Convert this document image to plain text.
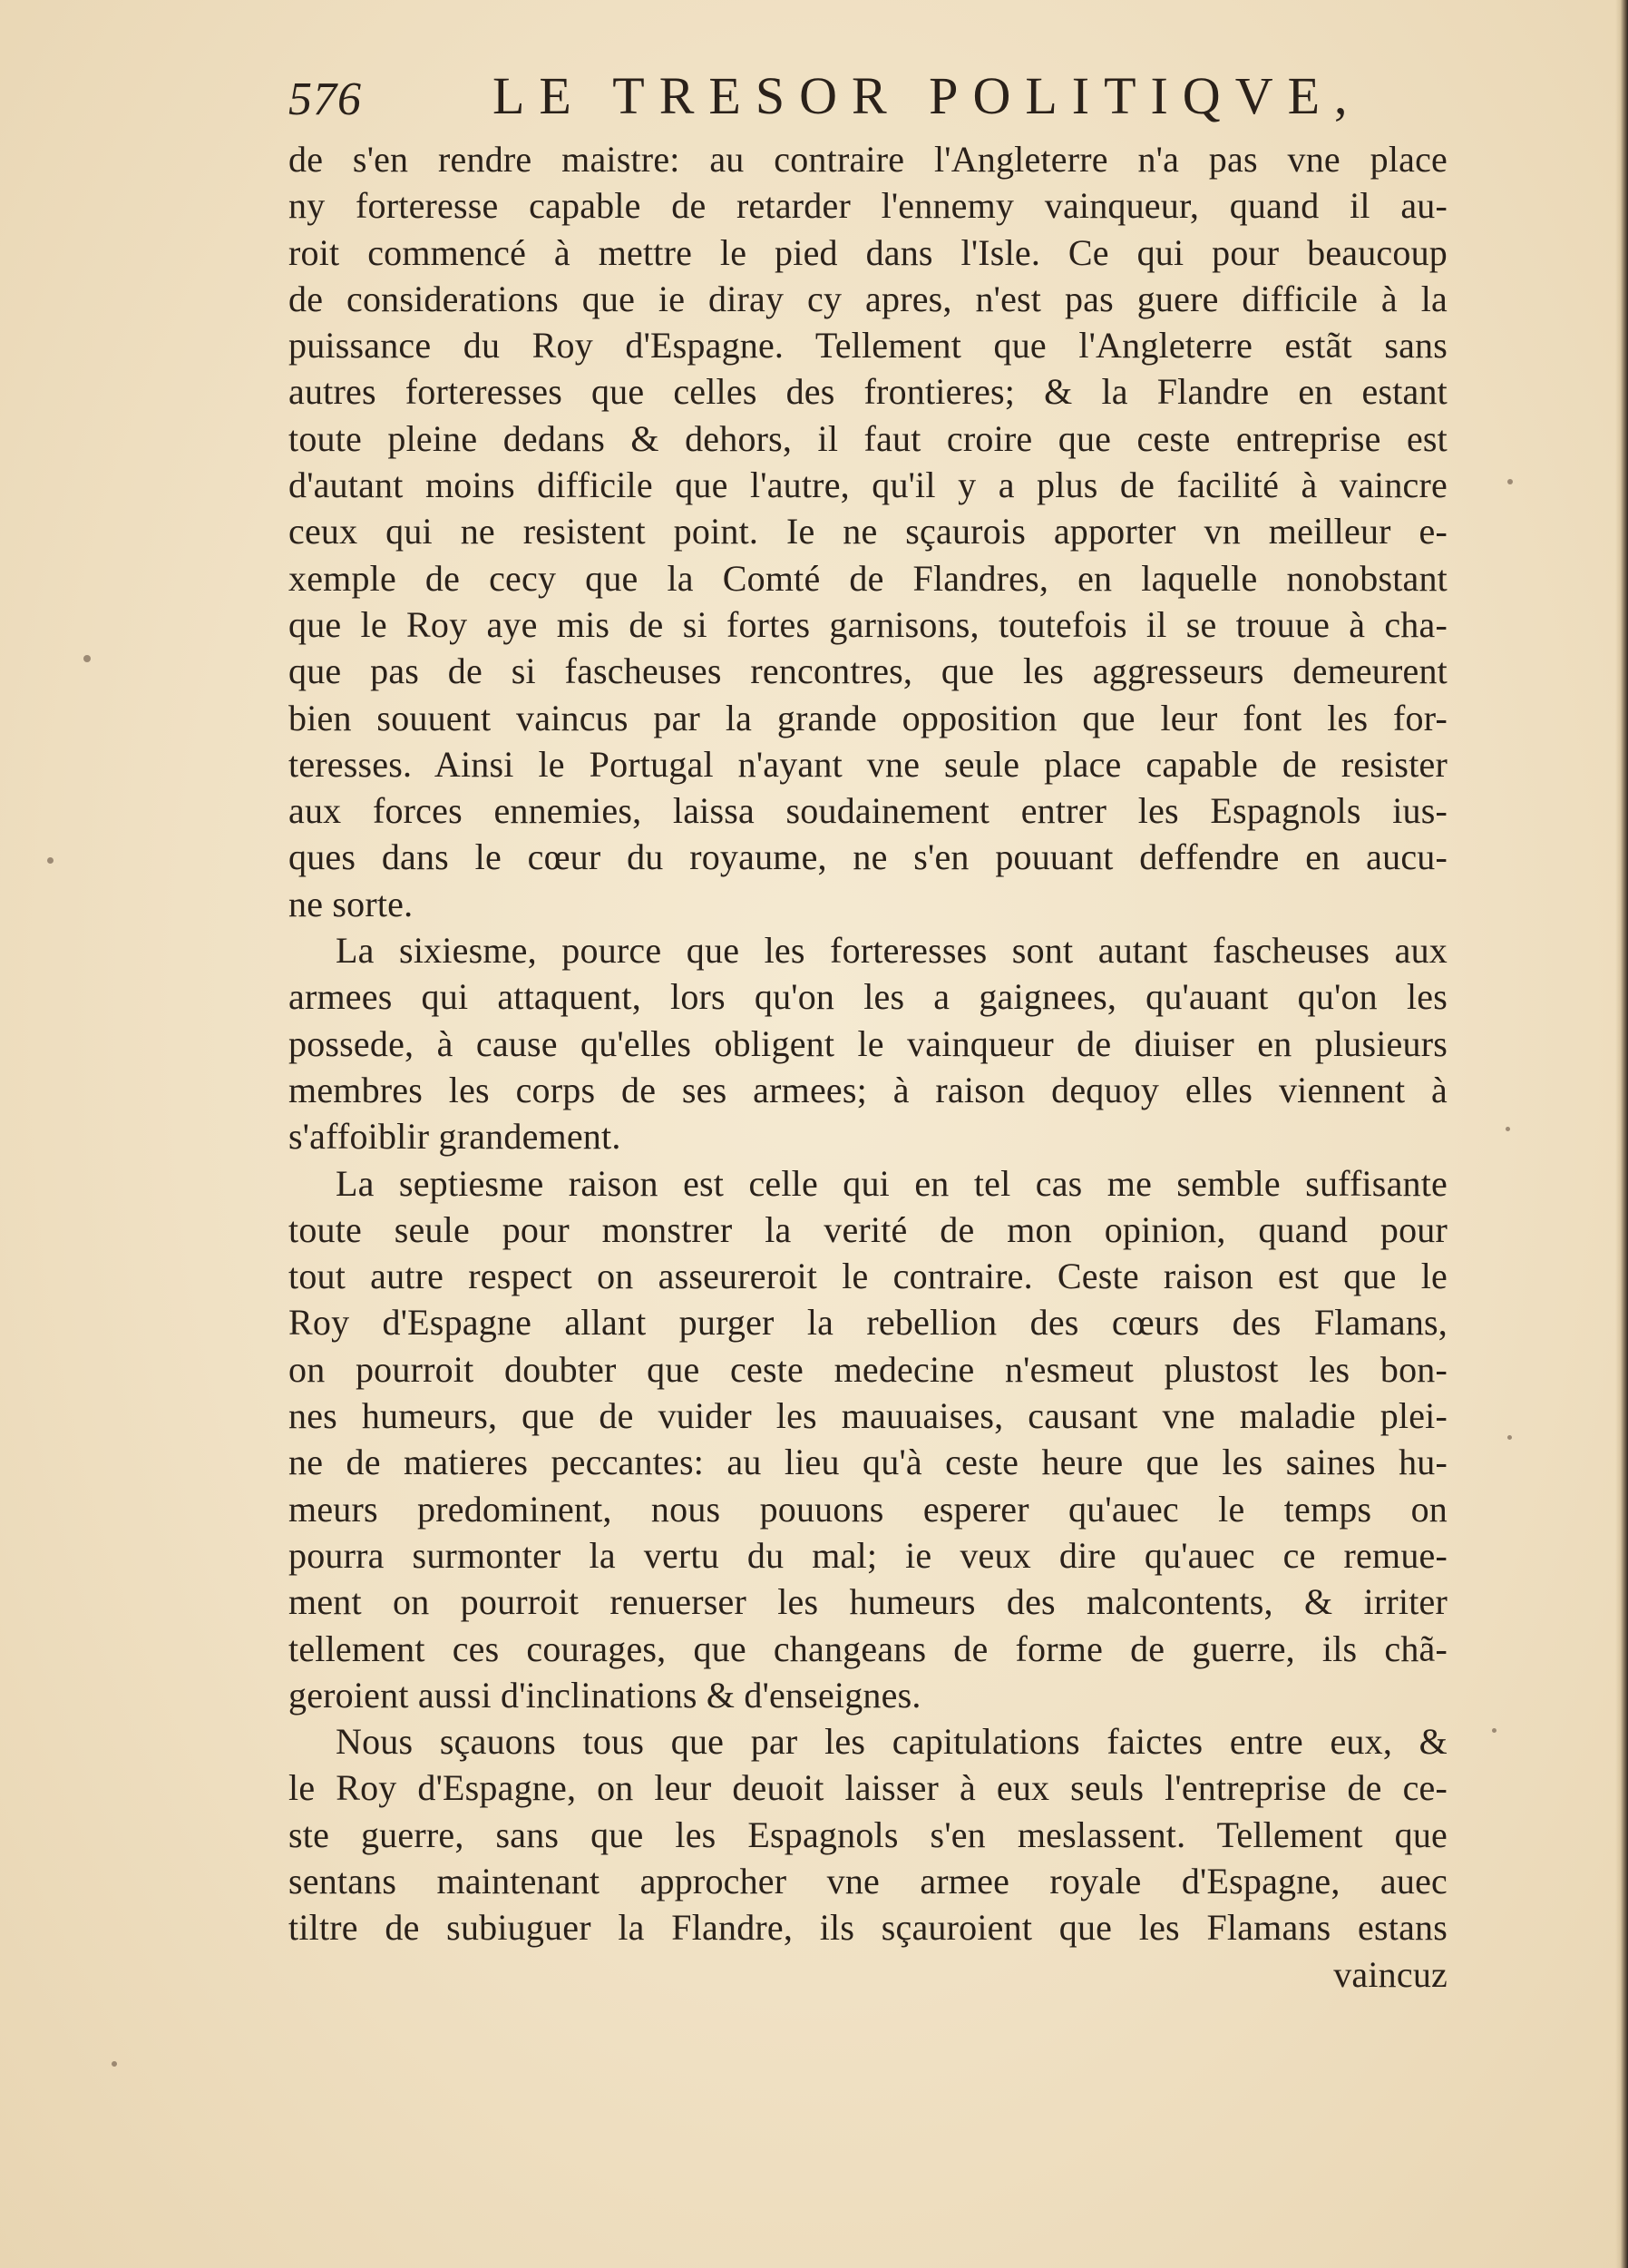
576 LE TRESOR POLITIQVE,
de s'en rendre maistre: au contraire l'Angleterre n'a pas vne place
ny forteresse capable de retarder l'ennemy vainqueur, quand il au-
roit commencé à mettre le pied dans l'Isle. Ce qui pour beaucoup
de considerations que ie diray cy apres, n'est pas guere difficile à la
puissance du Roy d'Espagne. Tellement que l'Angleterre estãt sans
autres forteresses que celles des frontieres; & la Flandre en estant
toute pleine dedans & dehors, il faut croire que ceste entreprise est
d'autant moins difficile que l'autre, qu'il y a plus de facilité à vaincre
ceux qui ne resistent point. Ie ne sçaurois apporter vn meilleur e-
xemple de cecy que la Comté de Flandres, en laquelle nonobstant
que le Roy aye mis de si fortes garnisons, toutefois il se trouue à cha-
que pas de si fascheuses rencontres, que les aggresseurs demeurent
bien souuent vaincus par la grande opposition que leur font les for-
teresses. Ainsi le Portugal n'ayant vne seule place capable de resister
aux forces ennemies, laissa soudainement entrer les Espagnols ius-
ques dans le cœur du royaume, ne s'en pouuant deffendre en aucu-
ne sorte.
La sixiesme, pource que les forteresses sont autant fascheuses aux
armees qui attaquent, lors qu'on les a gaignees, qu'auant qu'on les
possede, à cause qu'elles obligent le vainqueur de diuiser en plusieurs
membres les corps de ses armees; à raison dequoy elles viennent à
s'affoiblir grandement.
La septiesme raison est celle qui en tel cas me semble suffisante
toute seule pour monstrer la verité de mon opinion, quand pour
tout autre respect on asseureroit le contraire. Ceste raison est que le
Roy d'Espagne allant purger la rebellion des cœurs des Flamans,
on pourroit doubter que ceste medecine n'esmeut plustost les bon-
nes humeurs, que de vuider les mauuaises, causant vne maladie plei-
ne de matieres peccantes: au lieu qu'à ceste heure que les saines hu-
meurs predominent, nous pouuons esperer qu'auec le temps on
pourra surmonter la vertu du mal; ie veux dire qu'auec ce remue-
ment on pourroit renuerser les humeurs des malcontents, & irriter
tellement ces courages, que changeans de forme de guerre, ils chã-
geroient aussi d'inclinations & d'enseignes.
Nous sçauons tous que par les capitulations faictes entre eux, &
le Roy d'Espagne, on leur deuoit laisser à eux seuls l'entreprise de ce-
ste guerre, sans que les Espagnols s'en meslassent. Tellement que
sentans maintenant approcher vne armee royale d'Espagne, auec
tiltre de subiuguer la Flandre, ils sçauroient que les Flamans estans
vaincuz
